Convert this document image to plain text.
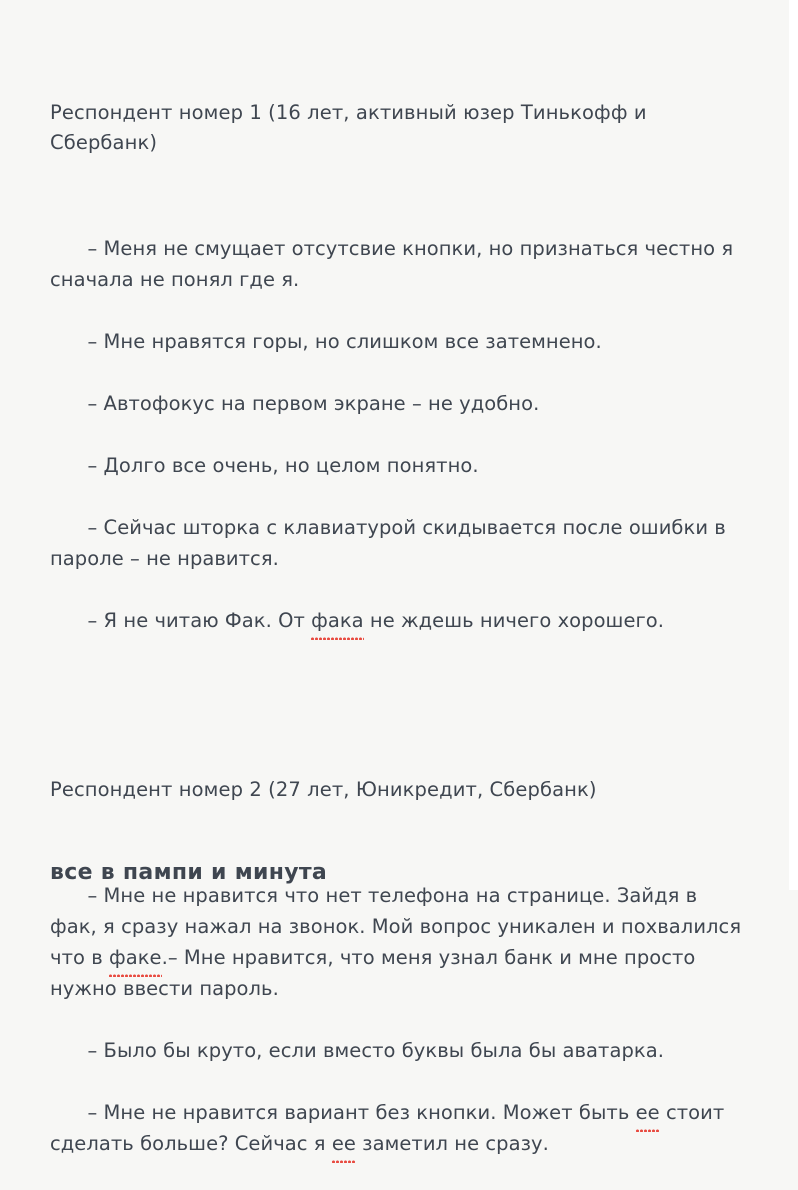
Респондент номер 1 (16 лет, активный юзер Тинькофф и Сбербанк)

– Меня не смущает отсутсвие кнопки, но признаться честно я сначала не понял где я.

– Мне нравятся горы, но слишком все затемнено.

– Автофокус на первом экране – не удобно.

– Долго все очень, но целом понятно.

– Сейчас шторка с клавиатурой скидывается после ошибки в пароле – не нравится.

– Я не читаю Фак. От фака не ждешь ничего хорошего.

Респондент номер 2 (27 лет, Юникредит, Сбербанк)

– Мне не нравится что нет телефона на странице. Зайдя в фак, я сразу нажал на звонок. Мой вопрос уникален и похвалился что в факе.– Мне нравится, что меня узнал банк и мне просто нужно ввести пароль.

– Было бы круто, если вместо буквы была бы аватарка.

– Мне не нравится вариант без кнопки. Может быть ее стоит сделать больше? Сейчас я ее заметил не сразу.

все в пампи и минута
